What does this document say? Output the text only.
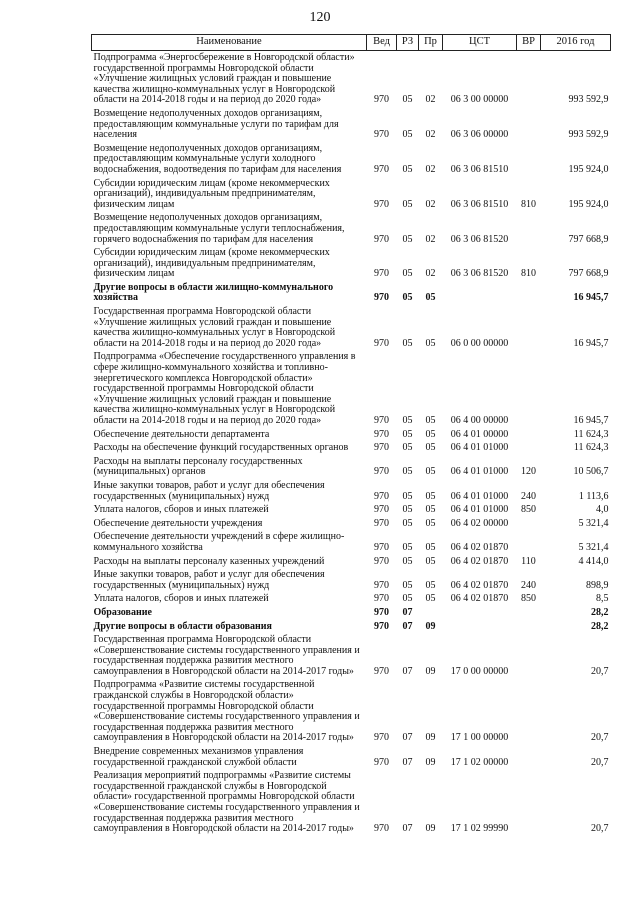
120
Наименование	Вед	РЗ	Пр	ЦСТ	ВР	2016 год
Подпрограмма «Энергосбережение в Новгородской области» государственной программы Новгородской области «Улучшение жилищных условий граждан и повышение качества жилищно-коммунальных услуг в Новгородской области на 2014-2018 годы и на период до 2020 года»	970	05	02	06 3 00 00000		993 592,9
Возмещение недополученных доходов организациям, предоставляющим коммунальные услуги по тарифам для населения	970	05	02	06 3 06 00000		993 592,9
Возмещение недополученных доходов организациям, предоставляющим коммунальные услуги холодного водоснабжения, водоотведения по тарифам для населения	970	05	02	06 3 06 81510		195 924,0
Субсидии юридическим лицам (кроме некоммерческих организаций), индивидуальным предпринимателям, физическим лицам	970	05	02	06 3 06 81510	810	195 924,0
Возмещение недополученных доходов организациям, предоставляющим коммунальные услуги теплоснабжения, горячего водоснабжения по тарифам для населения	970	05	02	06 3 06 81520		797 668,9
Субсидии юридическим лицам (кроме некоммерческих организаций), индивидуальным предпринимателям, физическим лицам	970	05	02	06 3 06 81520	810	797 668,9
Другие вопросы в области жилищно-коммунального хозяйства	970	05	05			16 945,7
Государственная программа Новгородской области «Улучшение жилищных условий граждан и повышение качества жилищно-коммунальных услуг в Новгородской области на 2014-2018 годы и на период до 2020 года»	970	05	05	06 0 00 00000		16 945,7
Подпрограмма «Обеспечение государственного управления в сфере жилищно-коммунального хозяйства и топливно-энергетического комплекса Новгородской области» государственной программы Новгородской области «Улучшение жилищных условий граждан и повышение качества жилищно-коммунальных услуг в Новгородской области на 2014-2018 годы и на период до 2020 года»	970	05	05	06 4 00 00000		16 945,7
Обеспечение деятельности департамента	970	05	05	06 4 01 00000		11 624,3
Расходы на обеспечение функций государственных органов	970	05	05	06 4 01 01000		11 624,3
Расходы на выплаты персоналу государственных (муниципальных) органов	970	05	05	06 4 01 01000	120	10 506,7
Иные закупки товаров, работ и услуг для обеспечения государственных (муниципальных) нужд	970	05	05	06 4 01 01000	240	1 113,6
Уплата налогов, сборов и иных платежей	970	05	05	06 4 01 01000	850	4,0
Обеспечение деятельности учреждения	970	05	05	06 4 02 00000		5 321,4
Обеспечение деятельности учреждений в сфере жилищно-коммунального хозяйства	970	05	05	06 4 02 01870		5 321,4
Расходы на выплаты персоналу казенных учреждений	970	05	05	06 4 02 01870	110	4 414,0
Иные закупки товаров, работ и услуг для обеспечения государственных (муниципальных) нужд	970	05	05	06 4 02 01870	240	898,9
Уплата налогов, сборов и иных платежей	970	05	05	06 4 02 01870	850	8,5
Образование	970	07				28,2
Другие вопросы в области образования	970	07	09			28,2
Государственная программа Новгородской области «Совершенствование системы государственного управления и государственная поддержка развития местного самоуправления в Новгородской области на 2014-2017 годы»	970	07	09	17 0 00 00000		20,7
Подпрограмма «Развитие системы государственной гражданской службы в Новгородской области» государственной программы Новгородской области «Совершенствование системы государственного управления и государственная поддержка развития местного самоуправления в Новгородской области на 2014-2017 годы»	970	07	09	17 1 00 00000		20,7
Внедрение современных механизмов управления государственной гражданской службой области	970	07	09	17 1 02 00000		20,7
Реализация мероприятий подпрограммы «Развитие системы государственной гражданской службы в Новгородской области» государственной программы Новгородской области «Совершенствование системы государственного управления и государственная поддержка развития местного самоуправления в Новгородской области на 2014-2017 годы»	970	07	09	17 1 02 99990		20,7
